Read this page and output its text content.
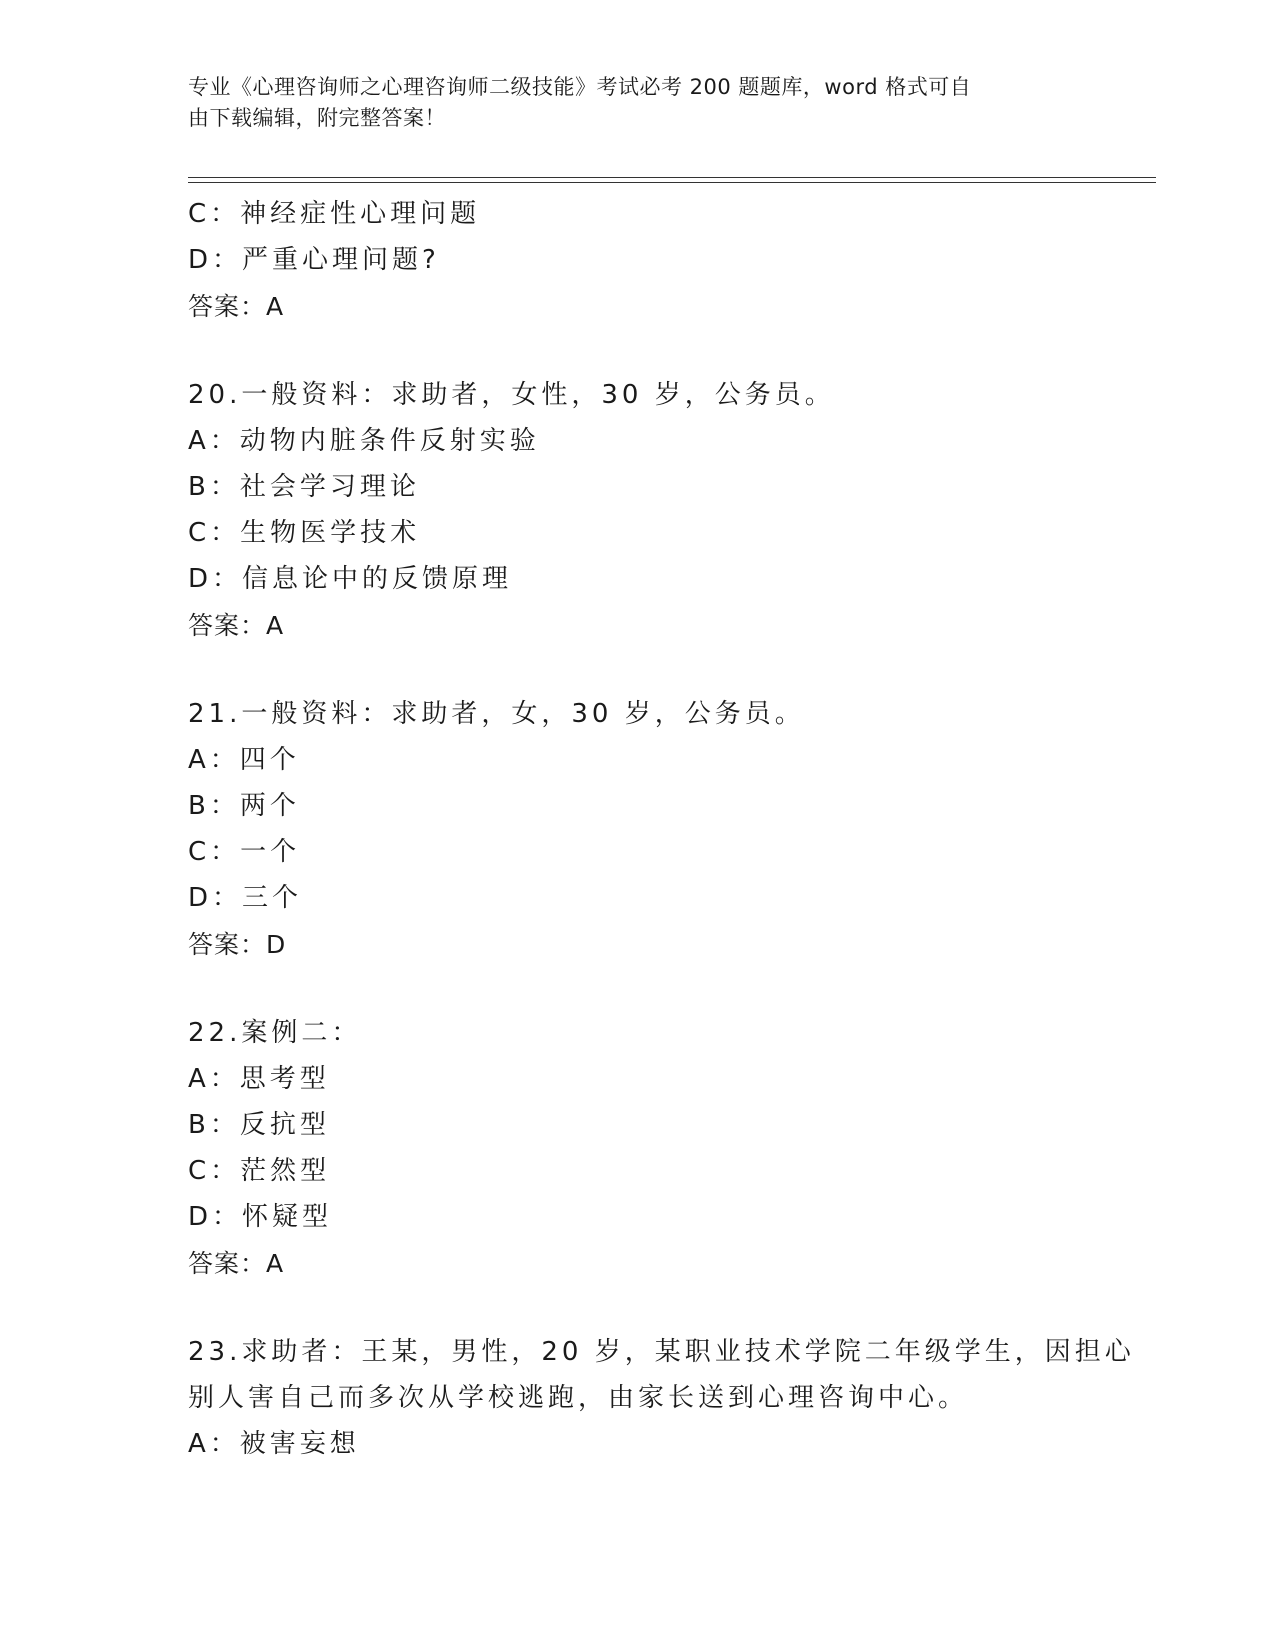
专业《心理咨询师之心理咨询师二级技能》考试必考 200 题题库，word 格式可自
由下载编辑，附完整答案！
C：神经症性心理问题
D：严重心理问题?
答案：A
20.一般资料：求助者，女性，30 岁，公务员。
A：动物内脏条件反射实验
B：社会学习理论
C：生物医学技术
D：信息论中的反馈原理
答案：A
21.一般资料：求助者，女，30 岁，公务员。
A：四个
B：两个
C：一个
D：三个
答案：D
22.案例二：
A：思考型
B：反抗型
C：茫然型
D：怀疑型
答案：A
23.求助者：王某，男性，20 岁，某职业技术学院二年级学生，因担心
别人害自己而多次从学校逃跑，由家长送到心理咨询中心。
A：被害妄想
